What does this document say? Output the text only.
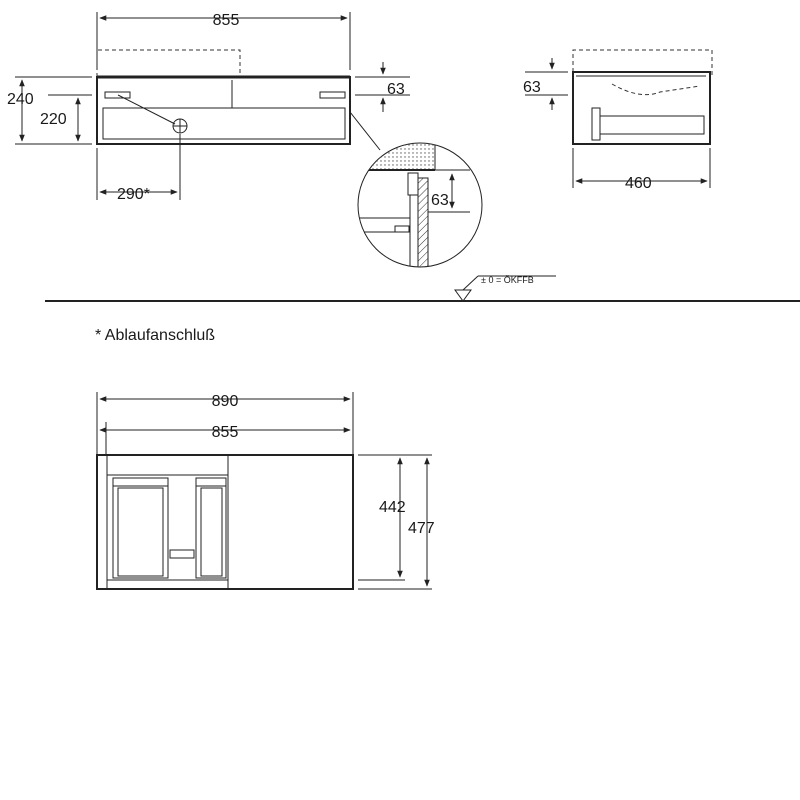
855
240
220
63
290*	63
63
460
± 0 = ÖKFFB
* Ablaufanschluß
890
855
442
477
